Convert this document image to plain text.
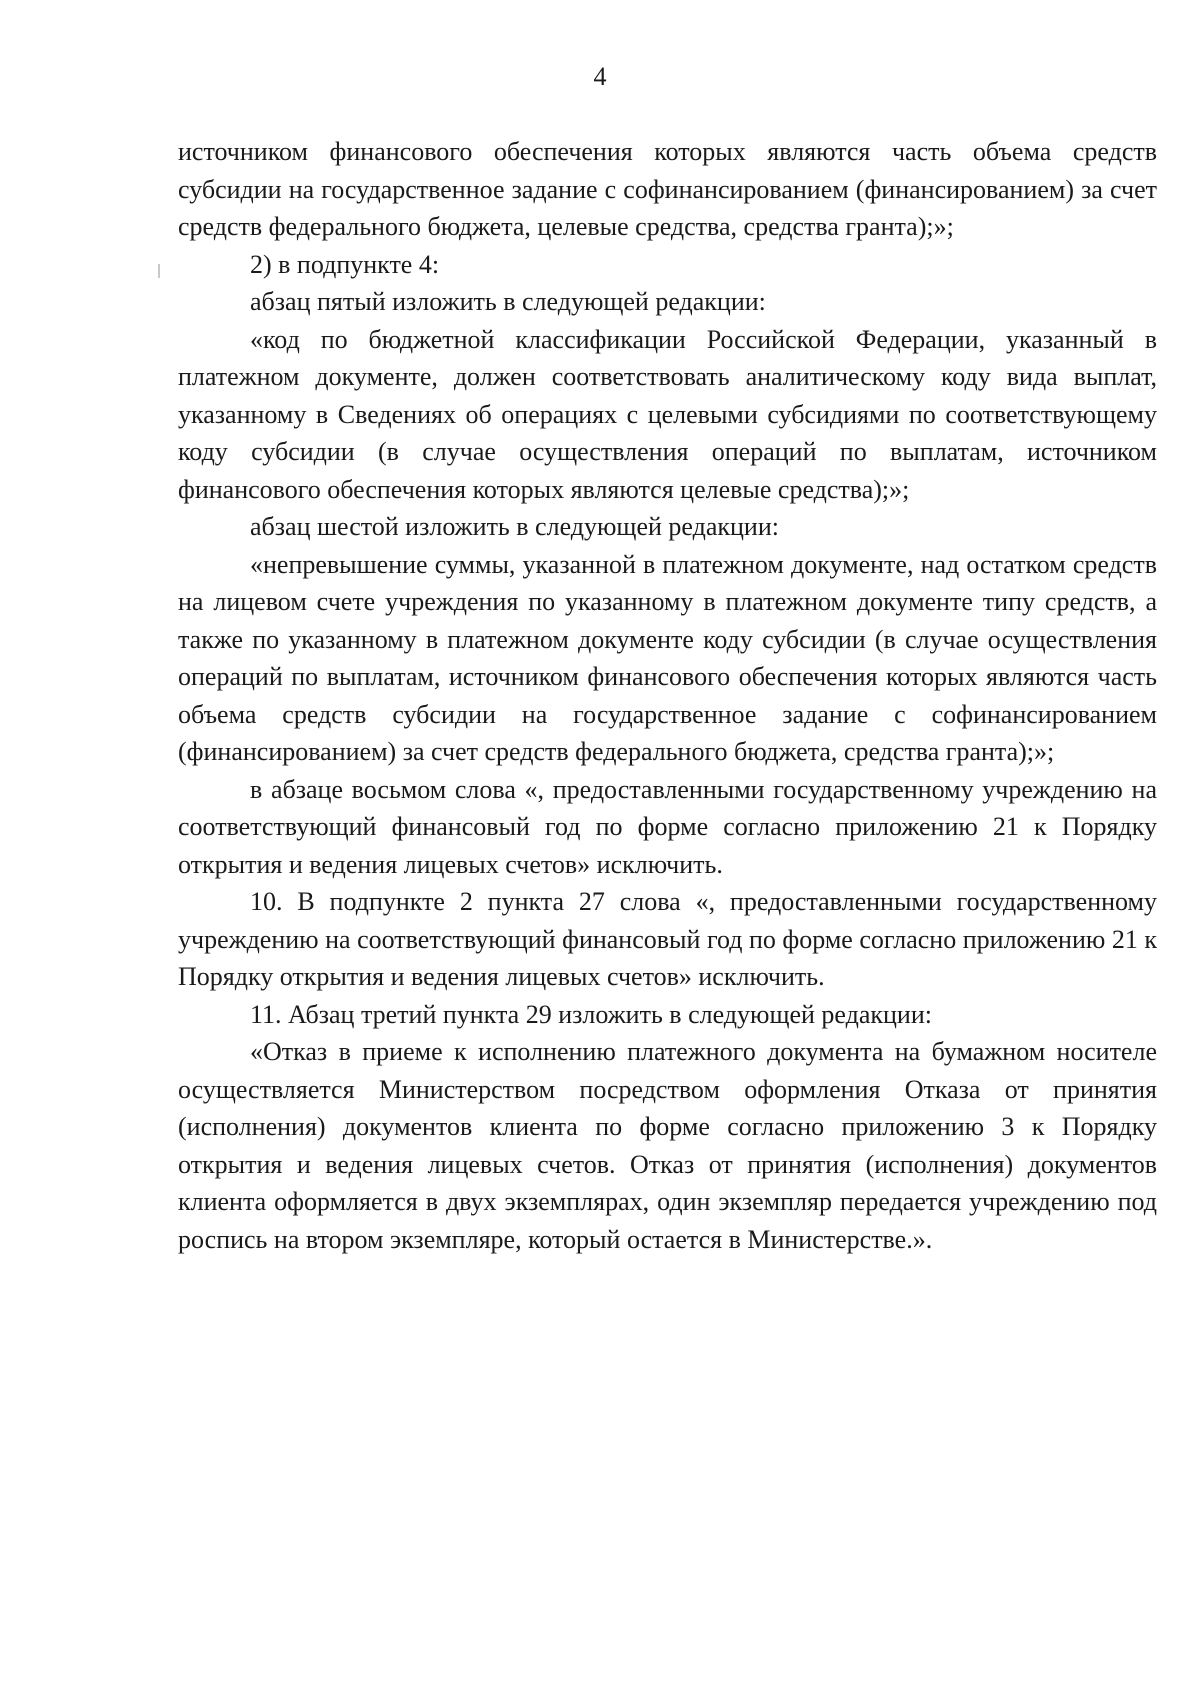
4

источником финансового обеспечения которых являются часть объема средств субсидии на государственное задание с софинансированием (финансированием) за счет средств федерального бюджета, целевые средства, средства гранта);»;

2) в подпункте 4:

абзац пятый изложить в следующей редакции:

«код по бюджетной классификации Российской Федерации, указанный в платежном документе, должен соответствовать аналитическому коду вида выплат, указанному в Сведениях об операциях с целевыми субсидиями по соответствующему коду субсидии (в случае осуществления операций по выплатам, источником финансового обеспечения которых являются целевые средства);»;

абзац шестой изложить в следующей редакции:

«непревышение суммы, указанной в платежном документе, над остатком средств на лицевом счете учреждения по указанному в платежном документе типу средств, а также по указанному в платежном документе коду субсидии (в случае осуществления операций по выплатам, источником финансового обеспечения которых являются часть объема средств субсидии на государственное задание с софинансированием (финансированием) за счет средств федерального бюджета, средства гранта);»;

в абзаце восьмом слова «, предоставленными государственному учреждению на соответствующий финансовый год по форме согласно приложению 21 к Порядку открытия и ведения лицевых счетов» исключить.

10. В подпункте 2 пункта 27 слова «, предоставленными государственному учреждению на соответствующий финансовый год по форме согласно приложению 21 к Порядку открытия и ведения лицевых счетов» исключить.

11. Абзац третий пункта 29 изложить в следующей редакции:

«Отказ в приеме к исполнению платежного документа на бумажном носителе осуществляется Министерством посредством оформления Отказа от принятия (исполнения) документов клиента по форме согласно приложению 3 к Порядку открытия и ведения лицевых счетов. Отказ от принятия (исполнения) документов клиента оформляется в двух экземплярах, один экземпляр передается учреждению под роспись на втором экземпляре, который остается в Министерстве.».
